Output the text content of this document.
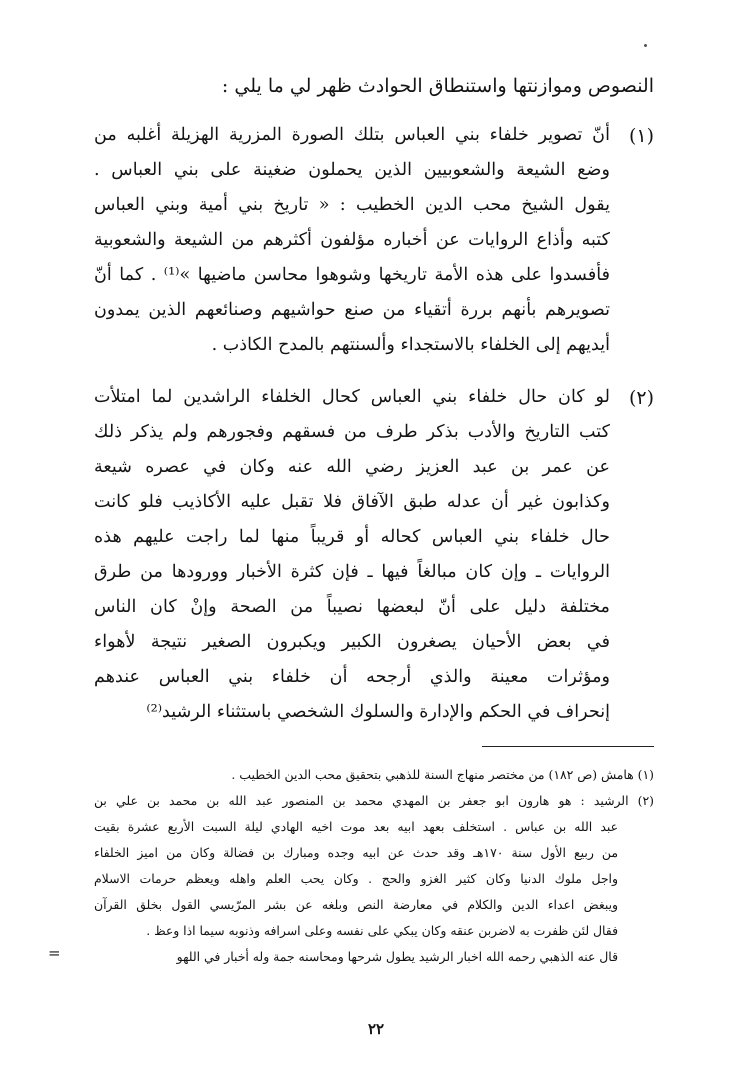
النصوص وموازنتها واستنطاق الحوادث ظهر لي ما يلي :
(١)
أنّ تصوير خلفاء بني العباس بتلك الصورة المزرية الهزيلة أغلبه من
وضع الشيعة والشعوبيين الذين يحملون ضغينة على بني العباس .
يقول الشيخ محب الدين الخطيب : « تاريخ بني أمية وبني العباس
كتبه وأذاع الروايات عن أخباره مؤلفون أكثرهم من الشيعة والشعوبية
فأفسدوا على هذه الأمة تاريخها وشوهوا محاسن ماضيها »⁽¹⁾ . كما أنّ
تصويرهم بأنهم بررة أتقياء من صنع حواشيهم وصنائعهم الذين يمدون
أيديهم إلى الخلفاء بالاستجداء وألسنتهم بالمدح الكاذب .
(٢)
لو كان حال خلفاء بني العباس كحال الخلفاء الراشدين لما امتلأت
كتب التاريخ والأدب بذكر طرف من فسقهم وفجورهم ولم يذكر ذلك
عن عمر بن عبد العزيز رضي الله عنه وكان في عصره شيعة
وكذابون غير أن عدله طبق الآفاق فلا تقبل عليه الأكاذيب فلو كانت
حال خلفاء بني العباس كحاله أو قريباً منها لما راجت عليهم هذه
الروايات ـ وإن كان مبالغاً فيها ـ فإن كثرة الأخبار وورودها من طرق
مختلفة دليل على أنّ لبعضها نصيباً من الصحة وإنْ كان الناس
في بعض الأحيان يصغرون الكبير ويكبرون الصغير نتيجة لأهواء
ومؤثرات معينة والذي أرجحه أن خلفاء بني العباس عندهم
إنحراف في الحكم والإدارة والسلوك الشخصي باستثناء الرشيد⁽²⁾
(١) هامش (ص ١٨٢) من مختصر منهاج السنة للذهبي بتحقيق محب الدين الخطيب .
(٢) الرشيد : هو هارون ابو جعفر بن المهدي محمد بن المنصور عبد الله بن محمد بن علي بن
عبد الله بن عباس . استخلف بعهد ابيه بعد موت اخيه الهادي ليلة السبت الأربع عشرة بقيت
من ربيع الأول سنة ١٧٠هـ وقد حدث عن ابيه وجده ومبارك بن فضالة وكان من اميز الخلفاء
واجل ملوك الدنيا وكان كثير الغزو والحج . وكان يحب العلم واهله ويعظم حرمات الاسلام
ويبغض اعداء الدين والكلام في معارضة النص وبلغه عن بشر المرّيسي القول بخلق القرآن
فقال لئن ظفرت به لاضربن عنقه وكان يبكي على نفسه وعلى اسرافه وذنوبه سيما اذا وعظ .
قال عنه الذهبي رحمه الله اخبار الرشيد يطول شرحها ومحاسنه جمة وله أخبار في اللهو
=
٢٢
